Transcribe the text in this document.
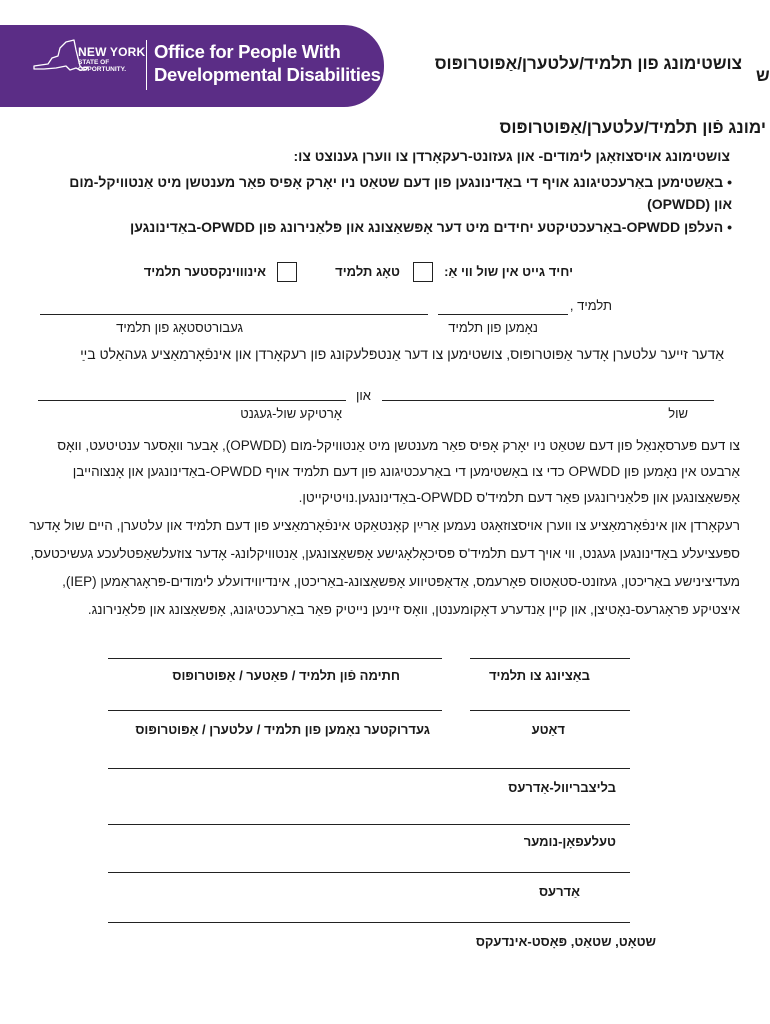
NEW YORK
STATE OF
OPPORTUNITY.
Office for People With
Developmental Disabilities
צושטימונג פון תלמיד/עלטערן/אַפּוטרופּוס
ש
ימונג פֿון תלמיד/עלטערן/אַפּוטרופּוס
צושטימונג אויסצוזאָגן לימודים- און געזונט-רעקאָרדן צו ווערן גענוצט צו:
• באַשטימען באַרעכטיגונג אויף די באַדינונגען פון דעם שטאַט ניו יאָרק אָפיס פאַר מענטשן מיט אַנטוויקל-מום
(OPWDD) און
• העלפן OPWDD-באַרעכטיקטע יחידים מיט דער אָפּשאַצונג און פּלאַנירונג פון OPWDD-באַדינונגען
יחיד גייט אין שול ווי אַ:
טאָג תלמיד
אינוווינקסטער תלמיד
תלמיד ,
נאָמען פון תלמיד
געבורטסטאָג פון תלמיד
אַדער זייער עלטערן אָדער אַפּוטרופּוס, צושטימען צו דער אַנטפּלעקונג פון רעקאָרדן און אינפֿאָרמאַציע געהאַלט בײַ
און
שול
אָרטיקע שול-געגנט
צו דעם פּערסאָנאַל פון דעם שטאַט ניו יאָרק אָפיס פאַר מענטשן מיט אַנטוויקל-מום (OPWDD), אָבער וואָסער ענטיטעט, וואָס
אַרבעט אין נאָמען פון OPWDD כדי צו באַשטימען די באַרעכטיגונג פון דעם תלמיד אויף OPWDD-באַדינונגען און אָנצוהייבן
אָפּשאַצונגען און פּלאַנירונגען פאַר דעם תלמיד'ס OPWDD-באַדינונגען.נויטיקייטן.
רעקאָרדן און אינפֿאָרמאַציע צו ווערן אויסצוזאָגט נעמען אַרײַן קאָנטאַקט אינפֿאָרמאַציע פון דעם תלמיד און עלטערן, היים שול אָדער
ספּעציעלע באַדינונגען געגנט, ווי אויך דעם תלמיד'ס פּסיכאָלאָגישע אָפּשאַצונגען, אַנטוויקלונג- אָדער צוזעלשאַפטלעכע געשיכטעס,
מעדיצינישע באַריכטן, געזונט-סטאַטוס פאָרעמס, אַדאַפּטיווע אָפּשאַצונג-באַריכטן, אינדיווידועלע לימודים-פּראָגראַמען (IEP),
איצטיקע פּראָגרעס-נאָטיצן, און קיין אַנדערע דאָקומענטן, וואָס זיינען נייטיק פאַר באַרעכטיגונג, אָפּשאַצונג און פּלאַנירונג.
חתימה פֿון תלמיד / פאַטער / אַפּוטרופּוס	באַציונג צו תלמיד
געדרוקטער נאָמען פון תלמיד / עלטערן / אַפּוטרופּוס	דאַטע
בליצבריוול-אַדרעס
טעלעפאָן-נומער
אַדרעס
שטאָט, שטאַט, פּאָסט-אינדעקס
